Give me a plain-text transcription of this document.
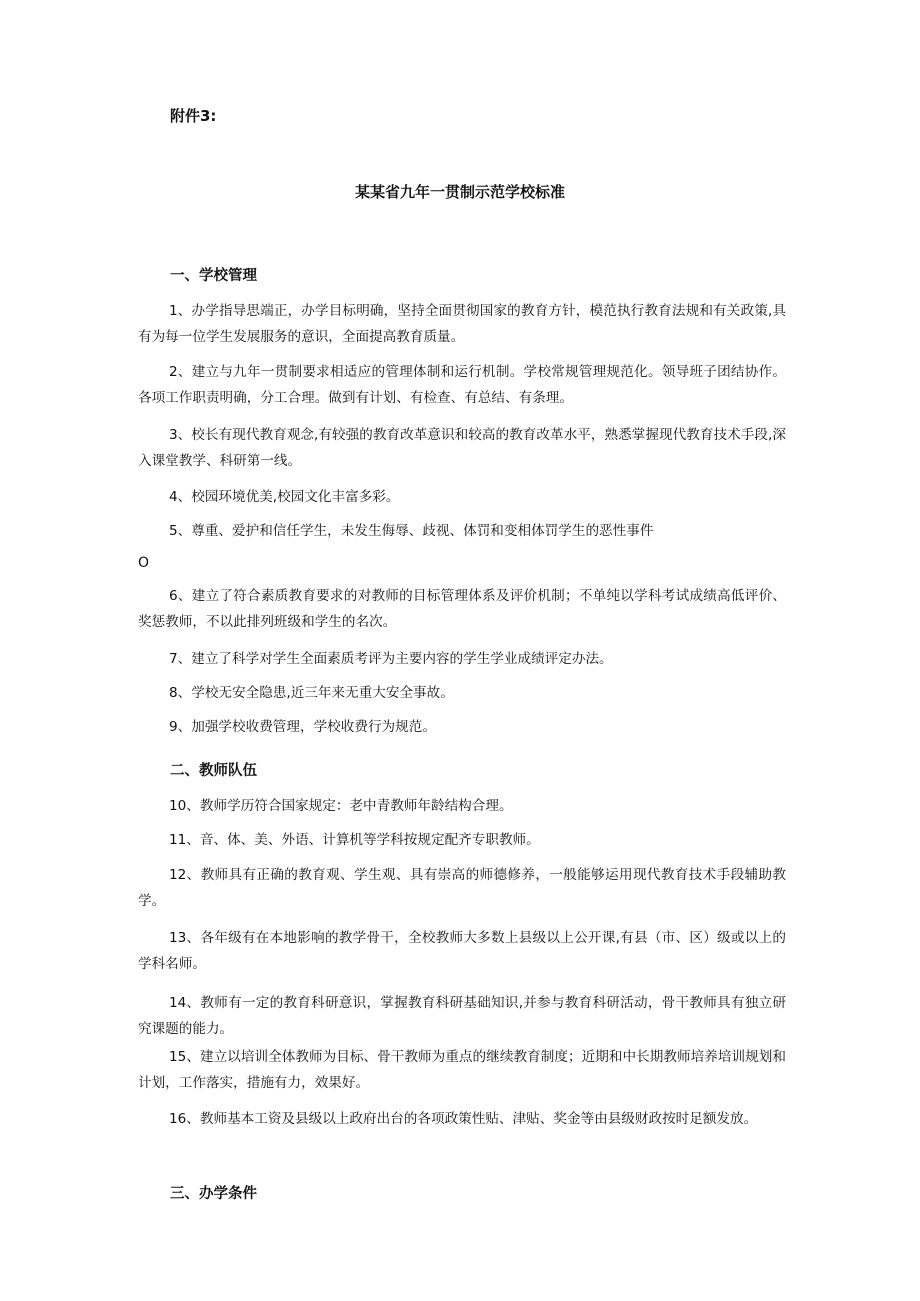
附件3:
某某省九年一贯制示范学校标准
一、学校管理
1、办学指导思端正，办学目标明确，坚持全面贯彻国家的教育方针，模范执行教育法规和有关政策,具有为每一位学生发展服务的意识，全面提高教育质量。
2、建立与九年一贯制要求相适应的管理体制和运行机制。学校常规管理规范化。领导班子团结协作。各项工作职责明确，分工合理。做到有计划、有检查、有总结、有条理。
3、校长有现代教育观念,有较强的教育改革意识和较高的教育改革水平，熟悉掌握现代教育技术手段,深入课堂教学、科研第一线。
4、校园环境优美,校园文化丰富多彩。
5、尊重、爱护和信任学生，未发生侮辱、歧视、体罚和变相体罚学生的恶性事件
O
6、建立了符合素质教育要求的对教师的目标管理体系及评价机制；不单纯以学科考试成绩高低评价、奖惩教师，不以此排列班级和学生的名次。
7、建立了科学对学生全面素质考评为主要内容的学生学业成绩评定办法。
8、学校无安全隐患,近三年来无重大安全事故。
9、加强学校收费管理，学校收费行为规范。
二、教师队伍
10、教师学历符合国家规定：老中青教师年龄结构合理。
11、音、体、美、外语、计算机等学科按规定配齐专职教师。
12、教师具有正确的教育观、学生观、具有崇高的师德修养，一般能够运用现代教育技术手段辅助教学。
13、各年级有在本地影响的教学骨干，全校教师大多数上县级以上公开课,有县（市、区）级或以上的学科名师。
14、教师有一定的教育科研意识，掌握教育科研基础知识,并参与教育科研活动，骨干教师具有独立研究课题的能力。
15、建立以培训全体教师为目标、骨干教师为重点的继续教育制度；近期和中长期教师培养培训规划和计划，工作落实，措施有力，效果好。
16、教师基本工资及县级以上政府出台的各项政策性贴、津贴、奖金等由县级财政按时足额发放。
三、办学条件
